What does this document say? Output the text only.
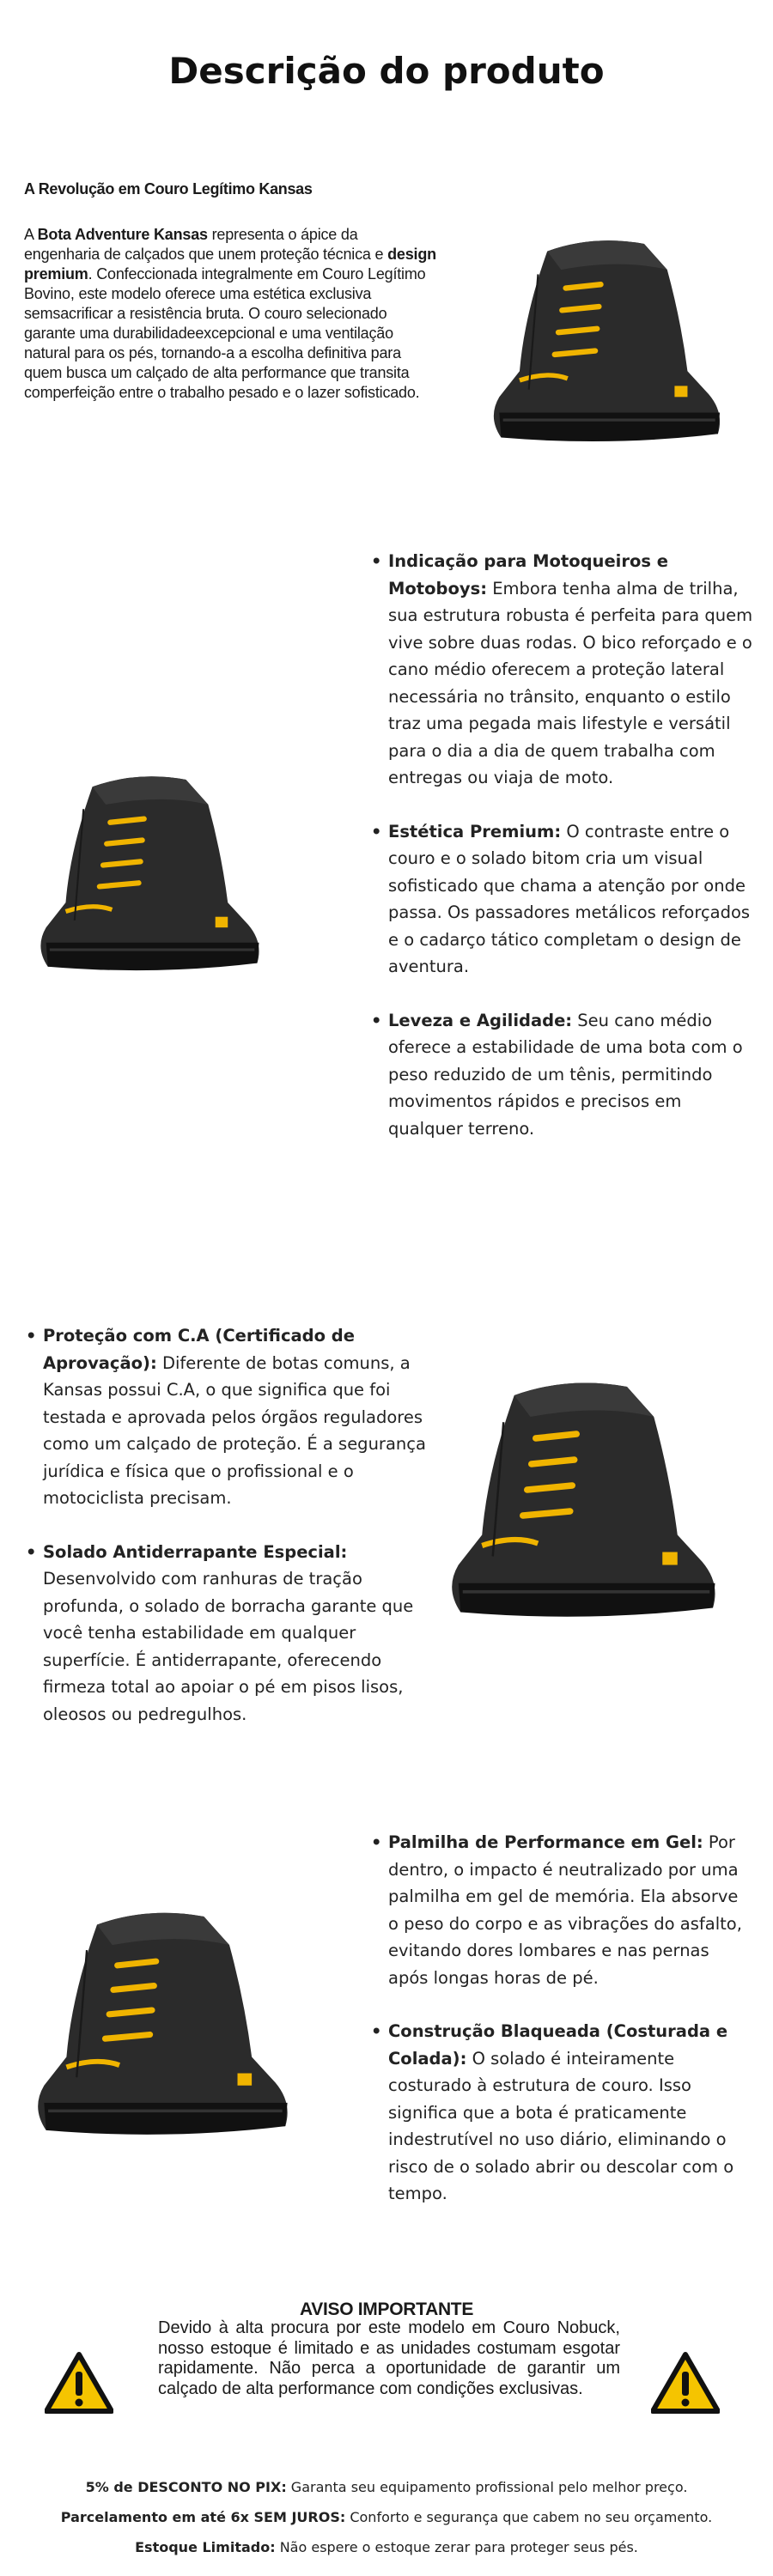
Descrição do produto
A Revolução em Couro Legítimo Kansas
A Bota Adventure Kansas representa o ápice da engenharia de calçados que unem proteção técnica e design premium. Confeccionada integralmente em Couro Legítimo Bovino, este modelo oferece uma estética exclusiva semsacrificar a resistência bruta. O couro selecionado garante uma durabilidadeexcepcional e uma ventilação natural para os pés, tornando-a a escolha definitiva para quem busca um calçado de alta performance que transita comperfeição entre o trabalho pesado e o lazer sofisticado.
• Indicação para Motoqueiros e Motoboys: Embora tenha alma de trilha, sua estrutura robusta é perfeita para quem vive sobre duas rodas. O bico reforçado e o cano médio oferecem a proteção lateral necessária no trânsito, enquanto o estilo traz uma pegada mais lifestyle e versátil para o dia a dia de quem trabalha com entregas ou viaja de moto.
• Estética Premium: O contraste entre o couro e o solado bitom cria um visual sofisticado que chama a atenção por onde passa. Os passadores metálicos reforçados e o cadarço tático completam o design de aventura.
• Leveza e Agilidade: Seu cano médio oferece a estabilidade de uma bota com o peso reduzido de um tênis, permitindo movimentos rápidos e precisos em qualquer terreno.
• Proteção com C.A (Certificado de Aprovação): Diferente de botas comuns, a Kansas possui C.A, o que significa que foi testada e aprovada pelos órgãos reguladores como um calçado de proteção. É a segurança jurídica e física que o profissional e o motociclista precisam.
• Solado Antiderrapante Especial: Desenvolvido com ranhuras de tração profunda, o solado de borracha garante que você tenha estabilidade em qualquer superfície. É antiderrapante, oferecendo firmeza total ao apoiar o pé em pisos lisos, oleosos ou pedregulhos.
• Palmilha de Performance em Gel: Por dentro, o impacto é neutralizado por uma palmilha em gel de memória. Ela absorve o peso do corpo e as vibrações do asfalto, evitando dores lombares e nas pernas após longas horas de pé.
• Construção Blaqueada (Costurada e Colada): O solado é inteiramente costurado à estrutura de couro. Isso significa que a bota é praticamente indestrutível no uso diário, eliminando o risco de o solado abrir ou descolar com o tempo.
AVISO IMPORTANTE
Devido à alta procura por este modelo em Couro Nobuck, nosso estoque é limitado e as unidades costumam esgotar rapidamente. Não perca a oportunidade de garantir um calçado de alta performance com condições exclusivas.
5% de DESCONTO NO PIX: Garanta seu equipamento profissional pelo melhor preço.
Parcelamento em até 6x SEM JUROS: Conforto e segurança que cabem no seu orçamento.
Estoque Limitado: Não espere o estoque zerar para proteger seus pés.
